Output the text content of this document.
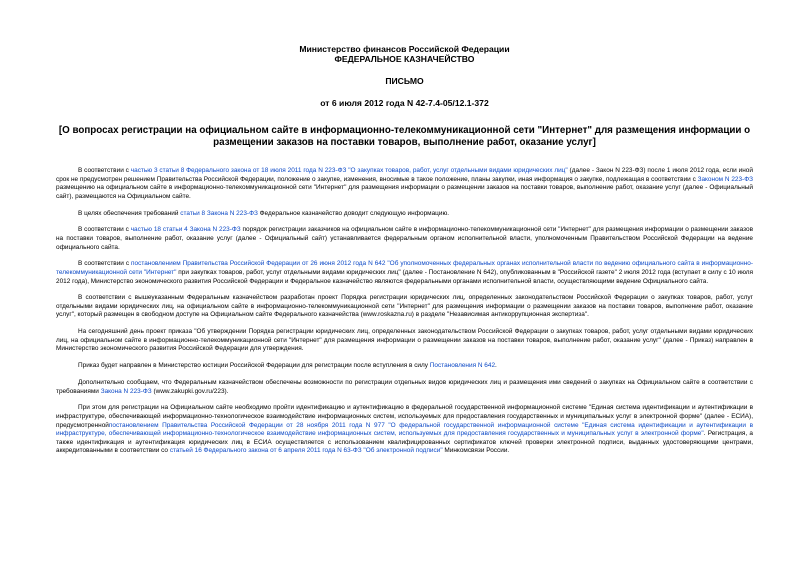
Министерство финансов Российской Федерации
ФЕДЕРАЛЬНОЕ КАЗНАЧЕЙСТВО
ПИСЬМО
от 6 июля 2012 года N 42-7.4-05/12.1-372
[О вопросах регистрации на официальном сайте в информационно-телекоммуникационной сети "Интернет" для размещения информации о размещении заказов на поставки товаров, выполнение работ, оказание услуг]

В соответствии с частью 3 статьи 8 Федерального закона от 18 июля 2011 года N 223-ФЗ "О закупках товаров, работ, услуг отдельными видами юридических лиц" (далее - Закон N 223-ФЗ) после 1 июля 2012 года, если иной срок не предусмотрен решением Правительства Российской Федерации, положение о закупке, изменения, вносимые в такое положение, планы закупки, иная информация о закупке, подлежащая в соответствии с Законом N 223-ФЗ размещению на официальном сайте в информационно-телекоммуникационной сети "Интернет" для размещения информации о размещении заказов на поставки товаров, выполнение работ, оказание услуг (далее - Официальный сайт), размещаются на Официальном сайте.

В целях обеспечения требований статьи 8 Закона N 223-ФЗ Федеральное казначейство доводит следующую информацию.

В соответствии с частью 18 статьи 4 Закона N 223-ФЗ порядок регистрации заказчиков на официальном сайте в информационно-телекоммуникационной сети "Интернет" для размещения информации о размещении заказов на поставки товаров, выполнение работ, оказание услуг (далее - Официальный сайт) устанавливается федеральным органом исполнительной власти, уполномоченным Правительством Российской Федерации на ведение официального сайта.

В соответствии с постановлением Правительства Российской Федерации от 26 июня 2012 года N 642 "Об уполномоченных федеральных органах исполнительной власти по ведению официального сайта в информационно-телекоммуникационной сети "Интернет" при закупках товаров, работ, услуг отдельными видами юридических лиц" (далее - Постановление N 642), опубликованным в "Российской газете" 2 июля 2012 года (вступает в силу с 10 июля 2012 года), Министерство экономического развития Российской Федерации и Федеральное казначейство являются федеральными органами исполнительной власти, осуществляющими ведение Официального сайта.

В соответствии с вышеуказанным Федеральным казначейством разработан проект Порядка регистрации юридических лиц, определенных законодательством Российской Федерации о закупках товаров, работ, услуг отдельными видами юридических лиц, на официальном сайте в информационно-телекоммуникационной сети "Интернет" для размещения информации о размещении заказов на поставки товаров, выполнение работ, оказание услуг", который размещен в свободном доступе на Официальном сайте Федерального казначейства (www.roskazna.ru) в разделе "Независимая антикоррупционная экспертиза".

На сегодняшний день проект приказа "Об утверждении Порядка регистрации юридических лиц, определенных законодательством Российской Федерации о закупках товаров, работ, услуг отдельными видами юридических лиц, на официальном сайте в информационно-телекоммуникационной сети "Интернет" для размещения информации о размещении заказов на поставки товаров, выполнение работ, оказание услуг" (далее - Приказ) направлен в Министерство экономического развития Российской Федерации для утверждения.

Приказ будет направлен в Министерство юстиции Российской Федерации для регистрации после вступления в силу Постановления N 642.

Дополнительно сообщаем, что Федеральным казначейством обеспечены возможности по регистрации отдельных видов юридических лиц и размещения ими сведений о закупках на Официальном сайте в соответствии с требованиями Закона N 223-ФЗ (www.zakupki.gov.ru/223).

При этом для регистрации на Официальном сайте необходимо пройти идентификацию и аутентификацию в федеральной государственной информационной системе "Единая система идентификации и аутентификации в инфраструктуре, обеспечивающей информационно-технологическое взаимодействие информационных систем, используемых для предоставления государственных и муниципальных услуг в электронной форме" (далее - ЕСИА), предусмотреннойпостановлением Правительства Российской Федерации от 28 ноября 2011 года N 977 "О федеральной государственной информационной системе "Единая система идентификации и аутентификации в инфраструктуре, обеспечивающей информационно-технологическое взаимодействие информационных систем, используемых для предоставления государственных и муниципальных услуг в электронной форме". Регистрация, а также идентификация и аутентификация юридических лиц в ЕСИА осуществляется с использованием квалифицированных сертификатов ключей проверки электронной подписи, выданных удостоверяющими центрами, аккредитованными в соответствии со статьей 16 Федерального закона от 6 апреля 2011 года N 63-ФЗ "Об электронной подписи" Минкомсвязи России.
